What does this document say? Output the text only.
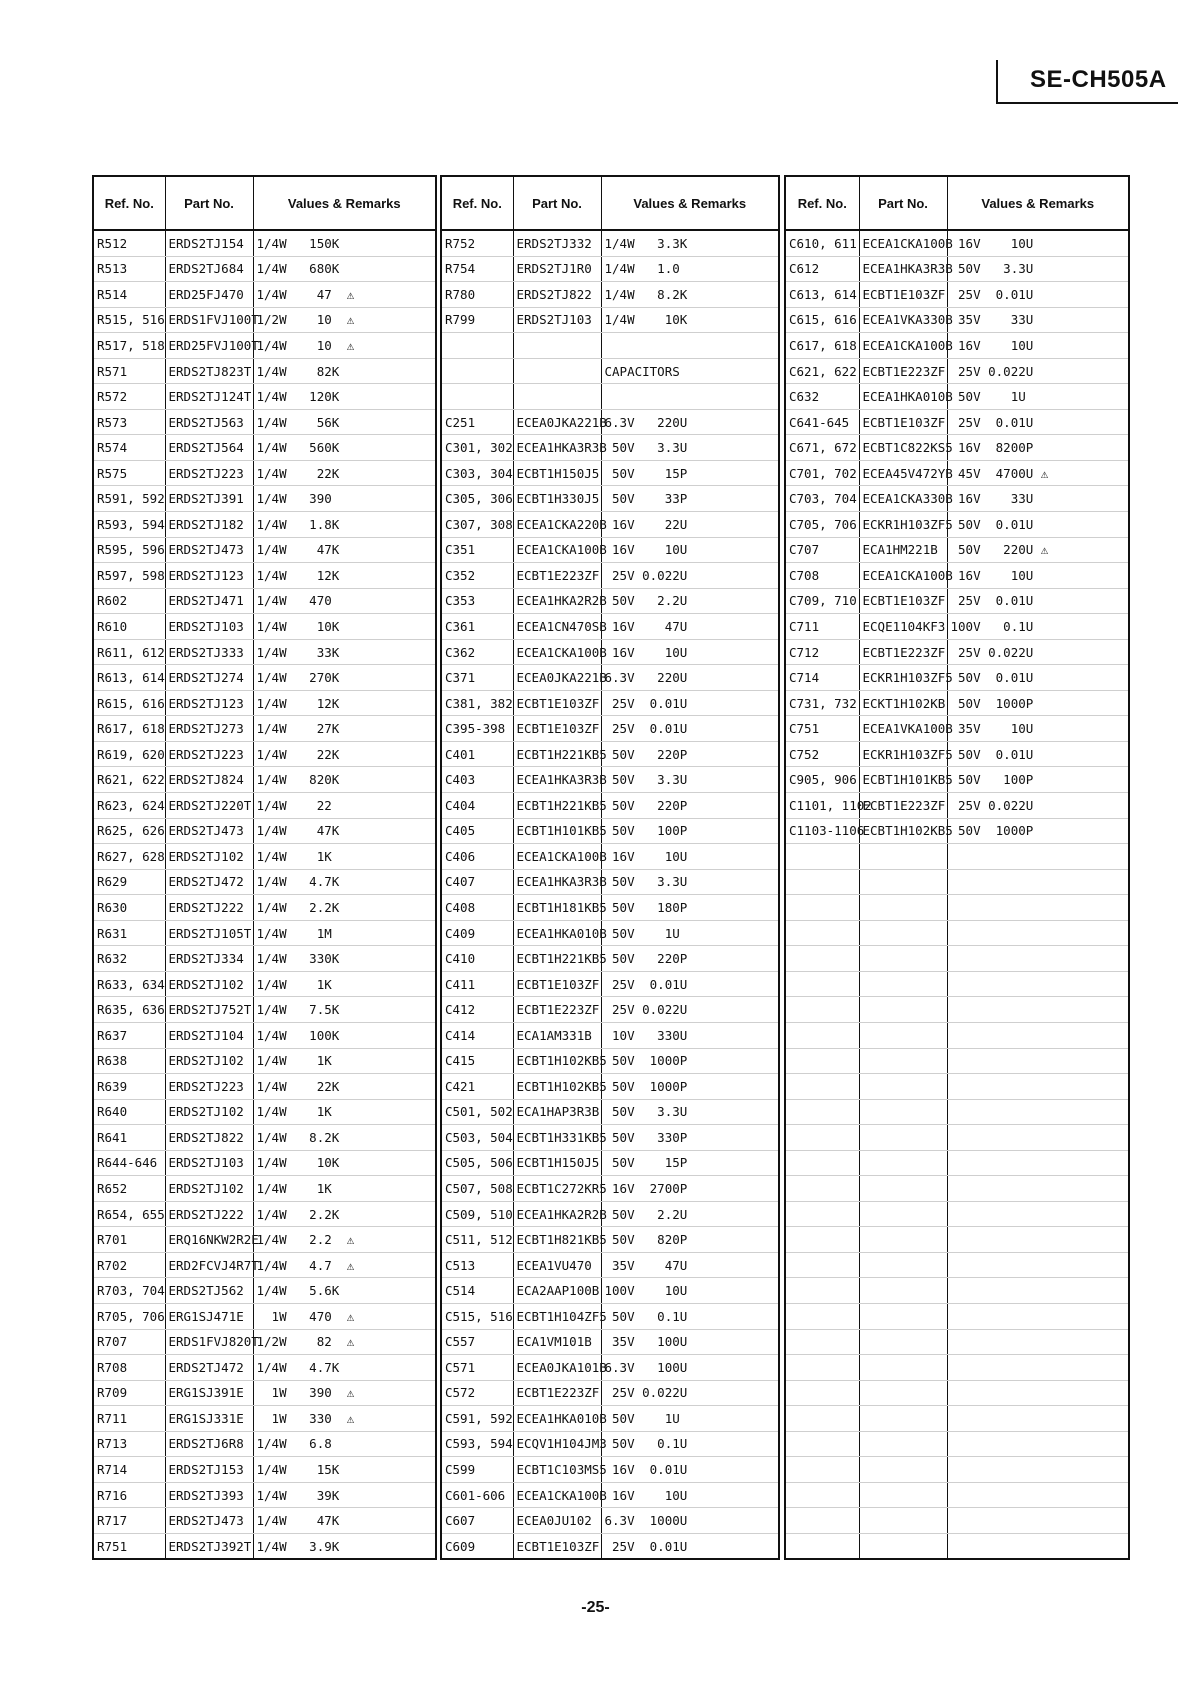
SE-CH505A
Ref. No.	Part No.	Values & Remarks
R512	ERDS2TJ154	1/4W   150K
R513	ERDS2TJ684	1/4W   680K
R514	ERD25FJ470	1/4W    47  ⚠
R515, 516	ERDS1FVJ100T	1/2W    10  ⚠
R517, 518	ERD25FVJ100T	1/4W    10  ⚠
R571	ERDS2TJ823T	1/4W    82K
R572	ERDS2TJ124T	1/4W   120K
R573	ERDS2TJ563	1/4W    56K
R574	ERDS2TJ564	1/4W   560K
R575	ERDS2TJ223	1/4W    22K
R591, 592	ERDS2TJ391	1/4W   390
R593, 594	ERDS2TJ182	1/4W   1.8K
R595, 596	ERDS2TJ473	1/4W    47K
R597, 598	ERDS2TJ123	1/4W    12K
R602	ERDS2TJ471	1/4W   470
R610	ERDS2TJ103	1/4W    10K
R611, 612	ERDS2TJ333	1/4W    33K
R613, 614	ERDS2TJ274	1/4W   270K
R615, 616	ERDS2TJ123	1/4W    12K
R617, 618	ERDS2TJ273	1/4W    27K
R619, 620	ERDS2TJ223	1/4W    22K
R621, 622	ERDS2TJ824	1/4W   820K
R623, 624	ERDS2TJ220T	1/4W    22
R625, 626	ERDS2TJ473	1/4W    47K
R627, 628	ERDS2TJ102	1/4W    1K
R629	ERDS2TJ472	1/4W   4.7K
R630	ERDS2TJ222	1/4W   2.2K
R631	ERDS2TJ105T	1/4W    1M
R632	ERDS2TJ334	1/4W   330K
R633, 634	ERDS2TJ102	1/4W    1K
R635, 636	ERDS2TJ752T	1/4W   7.5K
R637	ERDS2TJ104	1/4W   100K
R638	ERDS2TJ102	1/4W    1K
R639	ERDS2TJ223	1/4W    22K
R640	ERDS2TJ102	1/4W    1K
R641	ERDS2TJ822	1/4W   8.2K
R644-646	ERDS2TJ103	1/4W    10K
R652	ERDS2TJ102	1/4W    1K
R654, 655	ERDS2TJ222	1/4W   2.2K
R701	ERQ16NKW2R2E	1/4W   2.2  ⚠
R702	ERD2FCVJ4R7T	1/4W   4.7  ⚠
R703, 704	ERDS2TJ562	1/4W   5.6K
R705, 706	ERG1SJ471E	1W   470  ⚠
R707	ERDS1FVJ820T	1/2W    82  ⚠
R708	ERDS2TJ472	1/4W   4.7K
R709	ERG1SJ391E	1W   390  ⚠
R711	ERG1SJ331E	1W   330  ⚠
R713	ERDS2TJ6R8	1/4W   6.8
R714	ERDS2TJ153	1/4W    15K
R716	ERDS2TJ393	1/4W    39K
R717	ERDS2TJ473	1/4W    47K
R751	ERDS2TJ392T	1/4W   3.9K
Ref. No.	Part No.	Values & Remarks
R752	ERDS2TJ332	1/4W   3.3K
R754	ERDS2TJ1R0	1/4W   1.0
R780	ERDS2TJ822	1/4W   8.2K
R799	ERDS2TJ103	1/4W    10K

		CAPACITORS

C251	ECEA0JKA221B	6.3V   220U
C301, 302	ECEA1HKA3R3B	50V   3.3U
C303, 304	ECBT1H150J5	50V    15P
C305, 306	ECBT1H330J5	50V    33P
C307, 308	ECEA1CKA220B	16V    22U
C351	ECEA1CKA100B	16V    10U
C352	ECBT1E223ZF	25V 0.022U
C353	ECEA1HKA2R2B	50V   2.2U
C361	ECEA1CN470SB	16V    47U
C362	ECEA1CKA100B	16V    10U
C371	ECEA0JKA221B	6.3V   220U
C381, 382	ECBT1E103ZF	25V  0.01U
C395-398	ECBT1E103ZF	25V  0.01U
C401	ECBT1H221KB5	50V   220P
C403	ECEA1HKA3R3B	50V   3.3U
C404	ECBT1H221KB5	50V   220P
C405	ECBT1H101KB5	50V   100P
C406	ECEA1CKA100B	16V    10U
C407	ECEA1HKA3R3B	50V   3.3U
C408	ECBT1H181KB5	50V   180P
C409	ECEA1HKA010B	50V    1U
C410	ECBT1H221KB5	50V   220P
C411	ECBT1E103ZF	25V  0.01U
C412	ECBT1E223ZF	25V 0.022U
C414	ECA1AM331B	10V   330U
C415	ECBT1H102KB5	50V  1000P
C421	ECBT1H102KB5	50V  1000P
C501, 502	ECA1HAP3R3B	50V   3.3U
C503, 504	ECBT1H331KB5	50V   330P
C505, 506	ECBT1H150J5	50V    15P
C507, 508	ECBT1C272KR5	16V  2700P
C509, 510	ECEA1HKA2R2B	50V   2.2U
C511, 512	ECBT1H821KB5	50V   820P
C513	ECEA1VU470	35V    47U
C514	ECA2AAP100B	100V    10U
C515, 516	ECBT1H104ZF5	50V   0.1U
C557	ECA1VM101B	35V   100U
C571	ECEA0JKA101B	6.3V   100U
C572	ECBT1E223ZF	25V 0.022U
C591, 592	ECEA1HKA010B	50V    1U
C593, 594	ECQV1H104JM3	50V   0.1U
C599	ECBT1C103MS5	16V  0.01U
C601-606	ECEA1CKA100B	16V    10U
C607	ECEA0JU102	6.3V  1000U
C609	ECBT1E103ZF	25V  0.01U
Ref. No.	Part No.	Values & Remarks
C610, 611	ECEA1CKA100B	16V    10U
C612	ECEA1HKA3R3B	50V   3.3U
C613, 614	ECBT1E103ZF	25V  0.01U
C615, 616	ECEA1VKA330B	35V    33U
C617, 618	ECEA1CKA100B	16V    10U
C621, 622	ECBT1E223ZF	25V 0.022U
C632	ECEA1HKA010B	50V    1U
C641-645	ECBT1E103ZF	25V  0.01U
C671, 672	ECBT1C822KS5	16V  8200P
C701, 702	ECEA45V472YB	45V  4700U ⚠
C703, 704	ECEA1CKA330B	16V    33U
C705, 706	ECKR1H103ZF5	50V  0.01U
C707	ECA1HM221B	50V   220U ⚠
C708	ECEA1CKA100B	16V    10U
C709, 710	ECBT1E103ZF	25V  0.01U
C711	ECQE1104KF3	100V   0.1U
C712	ECBT1E223ZF	25V 0.022U
C714	ECKR1H103ZF5	50V  0.01U
C731, 732	ECKT1H102KB	50V  1000P
C751	ECEA1VKA100B	35V    10U
C752	ECKR1H103ZF5	50V  0.01U
C905, 906	ECBT1H101KB5	50V   100P
C1101, 1102	ECBT1E223ZF	25V 0.022U
C1103-1106	ECBT1H102KB5	50V  1000P

-25-
